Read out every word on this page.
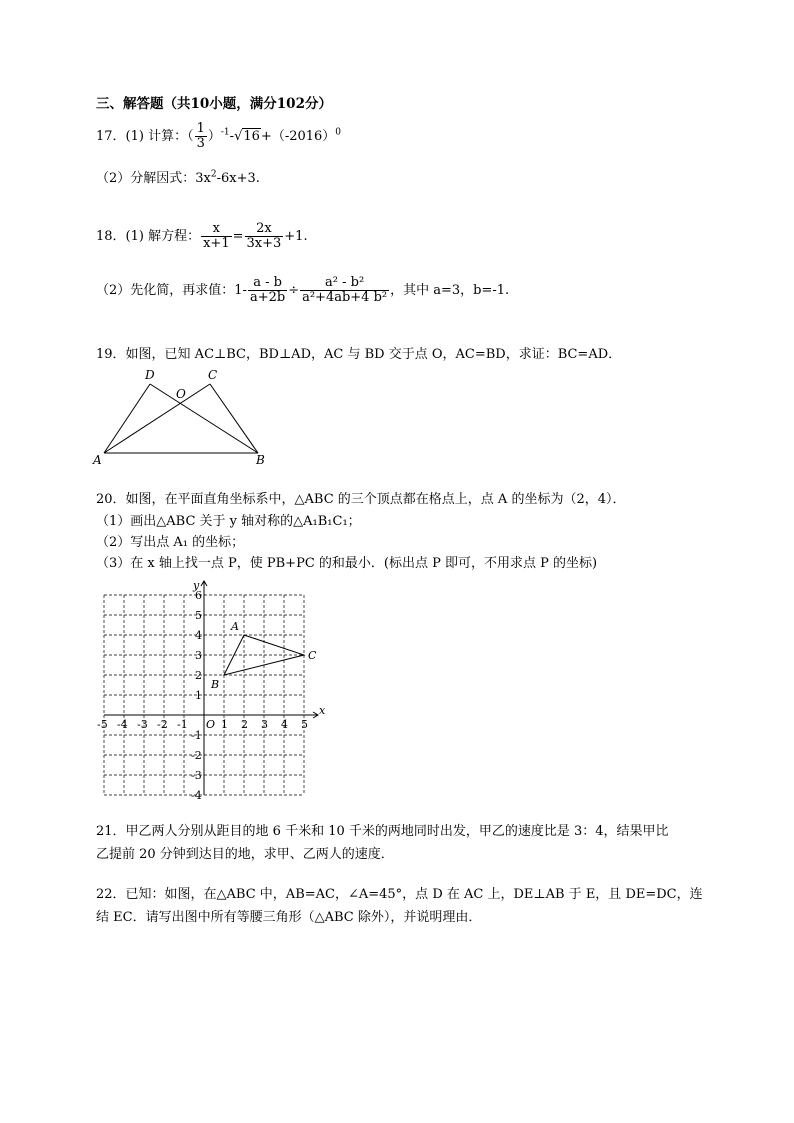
三、解答题（共10小题，满分102分）
17．(1) 计算：（ $\frac{1}{3} )^{-1}-√16+(-2016)^0$
（2）分解因式：$3x^2-6x+3$.
18．(1) 解方程： $\frac{x}{x+1} = \frac{2x}{3x+3} +1$.
（2）先化简，再求值：$1- \frac{a - b}{a+2b} \div \frac{\text{a² - b²}}{\text{a²+4ab+4 b²}}$ ，其中 a=3，b=-1.
19．如图，已知 AC⊥BC，BD⊥AD，AC 与 BD 交于点 O，AC=BD，求证：BC=AD．
A	B
C
D
O
20．如图，在平面直角坐标系中，△ABC 的三个顶点都在格点上，点 A 的坐标为（2，4）．
（1）画出△ABC 关于 y 轴对称的△A₁B₁C₁；
（2）写出点 A₁ 的坐标；
（3）在 x 轴上找一点 P，使 PB+PC 的和最小．(标出点 P 即可，不用求点 P 的坐标)
x
y
O
-5 -4 -3 -2 -1	1 2 3 4 5
6
5
4
3
2
1
-1
-2
-3
-4
A
B
C
21．甲乙两人分别从距目的地 6 千米和 10 千米的两地同时出发，甲乙的速度比是 3：4，结果甲比
乙提前 20 分钟到达目的地，求甲、乙两人的速度．
22．已知：如图，在△ABC 中，AB=AC，∠A=45°，点 D 在 AC 上，DE⊥AB 于 E，且 DE=DC，连
结 EC．请写出图中所有等腰三角形（△ABC 除外），并说明理由．
